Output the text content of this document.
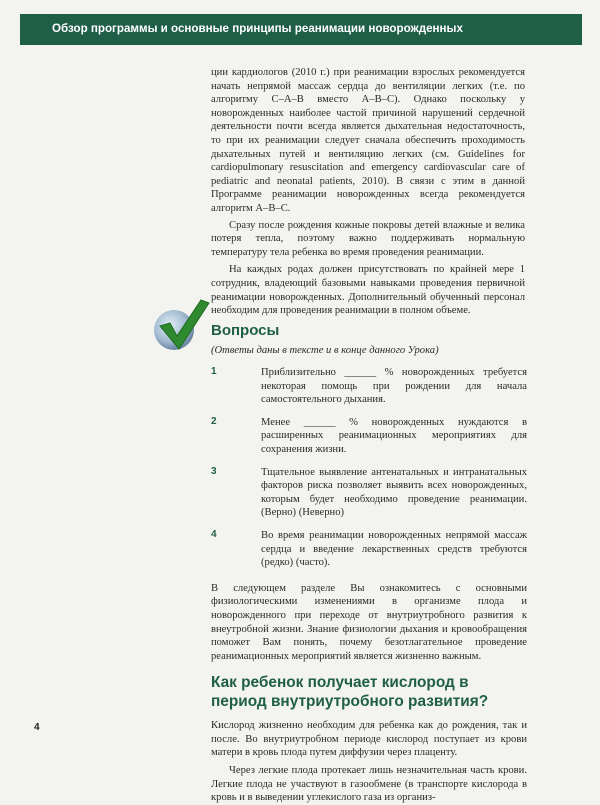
Обзор программы и основные принципы реанимации новорожденных

ции кардиологов (2010 г.) при реанимации взрослых рекомендуется начать непрямой массаж сердца до вентиляции легких (т.е. по алгоритму С–А–В вместо А–В–С). Однако поскольку у новорожденных наиболее частой причиной нарушений сердечной деятельности почти всегда является дыхательная недостаточность, то при их реанимации следует сначала обеспечить проходимость дыхательных путей и вентиляцию легких (см. Guidelines for cardiopulmonary resuscitation and emergency cardiovascular care of pediatric and neonatal patients, 2010). В связи с этим в данной Программе реанимации новорожденных всегда рекомендуется алгоритм А–В–С.

Сразу после рождения кожные покровы детей влажные и велика потеря тепла, поэтому важно поддерживать нормальную температуру тела ребенка во время проведения реанимации.

На каждых родах должен присутствовать по крайней мере 1 сотрудник, владеющий базовыми навыками проведения первичной реанимации новорожденных. Дополнительный обученный персонал необходим для проведения реанимации в полном объеме.

Вопросы
(Ответы даны в тексте и в конце данного Урока)
1	Приблизительно ______ % новорожденных требуется некоторая помощь при рождении для начала самостоятельного дыхания.
2	Менее ______ % новорожденных нуждаются в расширенных реанимационных мероприятиях для сохранения жизни.
3	Тщательное выявление антенатальных и интранатальных факторов риска позволяет выявить всех новорожденных, которым будет необходимо проведение реанимации. (Верно) (Неверно)
4	Во время реанимации новорожденных непрямой массаж сердца и введение лекарственных средств требуются (редко) (часто).

В следующем разделе Вы ознакомитесь с основными физиологическими изменениями в организме плода и новорожденного при переходе от внутриутробного развития к внеутробной жизни. Знание физиологии дыхания и кровообращения поможет Вам понять, почему безотлагательное проведение реанимационных мероприятий является жизненно важным.

Как ребенок получает кислород в период внутриутробного развития?

Кислород жизненно необходим для ребенка как до рождения, так и после. Во внутриутробном периоде кислород поступает из крови матери в кровь плода путем диффузии через плаценту.

Через легкие плода протекает лишь незначительная часть крови. Легкие плода не участвуют в газообмене (в транспорте кислорода в кровь и в выведении углекислого газа из организ-

4
